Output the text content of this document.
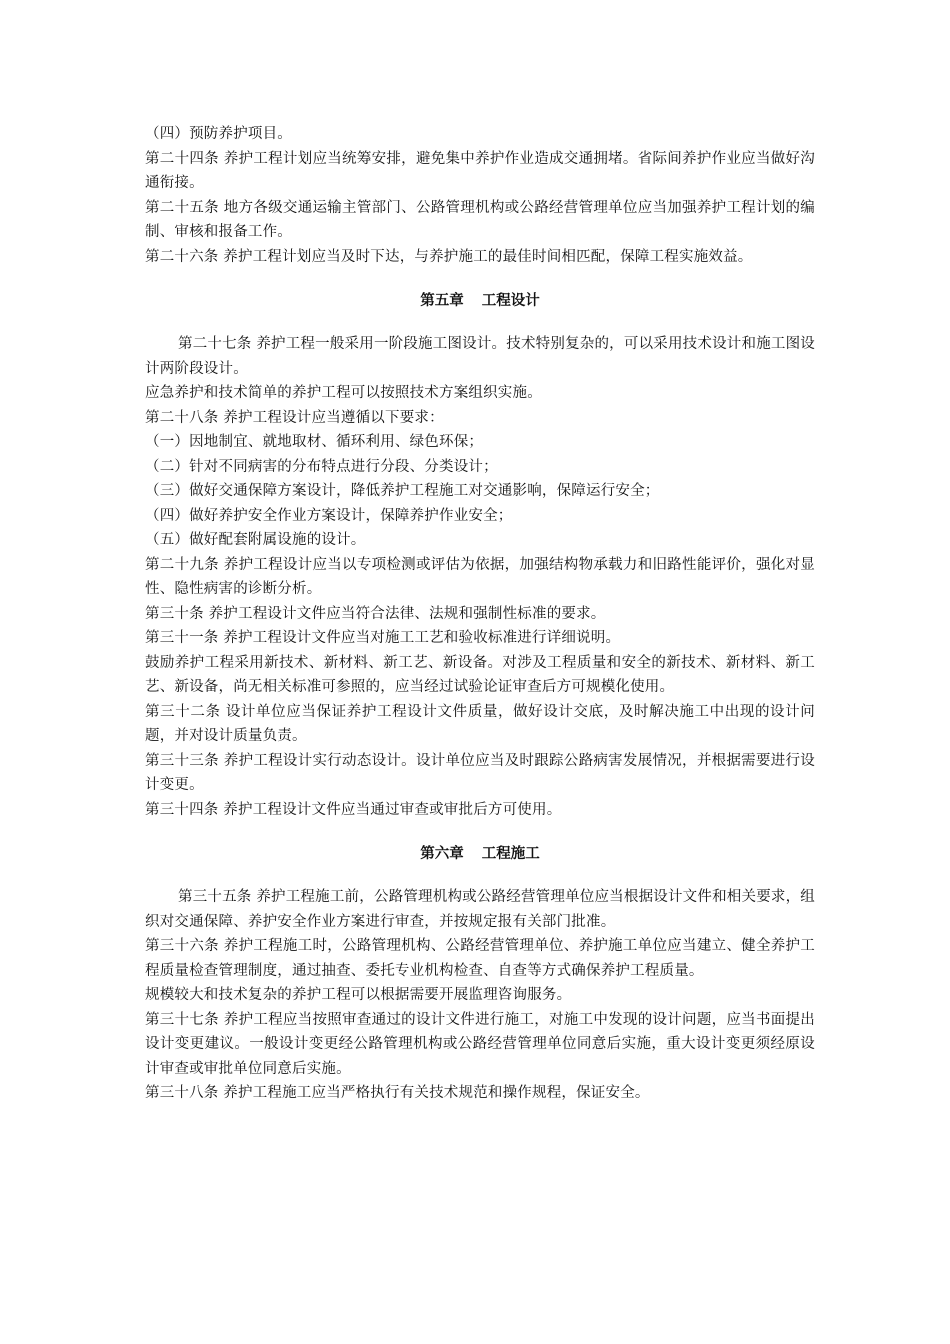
（四）预防养护项目。

第二十四条 养护工程计划应当统筹安排，避免集中养护作业造成交通拥堵。省际间养护作业应当做好沟通衔接。

第二十五条 地方各级交通运输主管部门、公路管理机构或公路经营管理单位应当加强养护工程计划的编制、审核和报备工作。

第二十六条 养护工程计划应当及时下达，与养护施工的最佳时间相匹配，保障工程实施效益。

第五章 工程设计

第二十七条 养护工程一般采用一阶段施工图设计。技术特别复杂的，可以采用技术设计和施工图设计两阶段设计。

应急养护和技术简单的养护工程可以按照技术方案组织实施。

第二十八条 养护工程设计应当遵循以下要求：

（一）因地制宜、就地取材、循环利用、绿色环保；

（二）针对不同病害的分布特点进行分段、分类设计；

（三）做好交通保障方案设计，降低养护工程施工对交通影响，保障运行安全；

（四）做好养护安全作业方案设计，保障养护作业安全；

（五）做好配套附属设施的设计。

第二十九条 养护工程设计应当以专项检测或评估为依据，加强结构物承载力和旧路性能评价，强化对显性、隐性病害的诊断分析。

第三十条 养护工程设计文件应当符合法律、法规和强制性标准的要求。

第三十一条 养护工程设计文件应当对施工工艺和验收标准进行详细说明。

鼓励养护工程采用新技术、新材料、新工艺、新设备。对涉及工程质量和安全的新技术、新材料、新工艺、新设备，尚无相关标准可参照的，应当经过试验论证审查后方可规模化使用。

第三十二条 设计单位应当保证养护工程设计文件质量，做好设计交底，及时解决施工中出现的设计问题，并对设计质量负责。

第三十三条 养护工程设计实行动态设计。设计单位应当及时跟踪公路病害发展情况，并根据需要进行设计变更。

第三十四条 养护工程设计文件应当通过审查或审批后方可使用。

第六章 工程施工

第三十五条 养护工程施工前，公路管理机构或公路经营管理单位应当根据设计文件和相关要求，组织对交通保障、养护安全作业方案进行审查，并按规定报有关部门批准。

第三十六条 养护工程施工时，公路管理机构、公路经营管理单位、养护施工单位应当建立、健全养护工程质量检查管理制度，通过抽查、委托专业机构检查、自查等方式确保养护工程质量。

规模较大和技术复杂的养护工程可以根据需要开展监理咨询服务。

第三十七条 养护工程应当按照审查通过的设计文件进行施工，对施工中发现的设计问题，应当书面提出设计变更建议。一般设计变更经公路管理机构或公路经营管理单位同意后实施，重大设计变更须经原设计审查或审批单位同意后实施。

第三十八条 养护工程施工应当严格执行有关技术规范和操作规程，保证安全。
